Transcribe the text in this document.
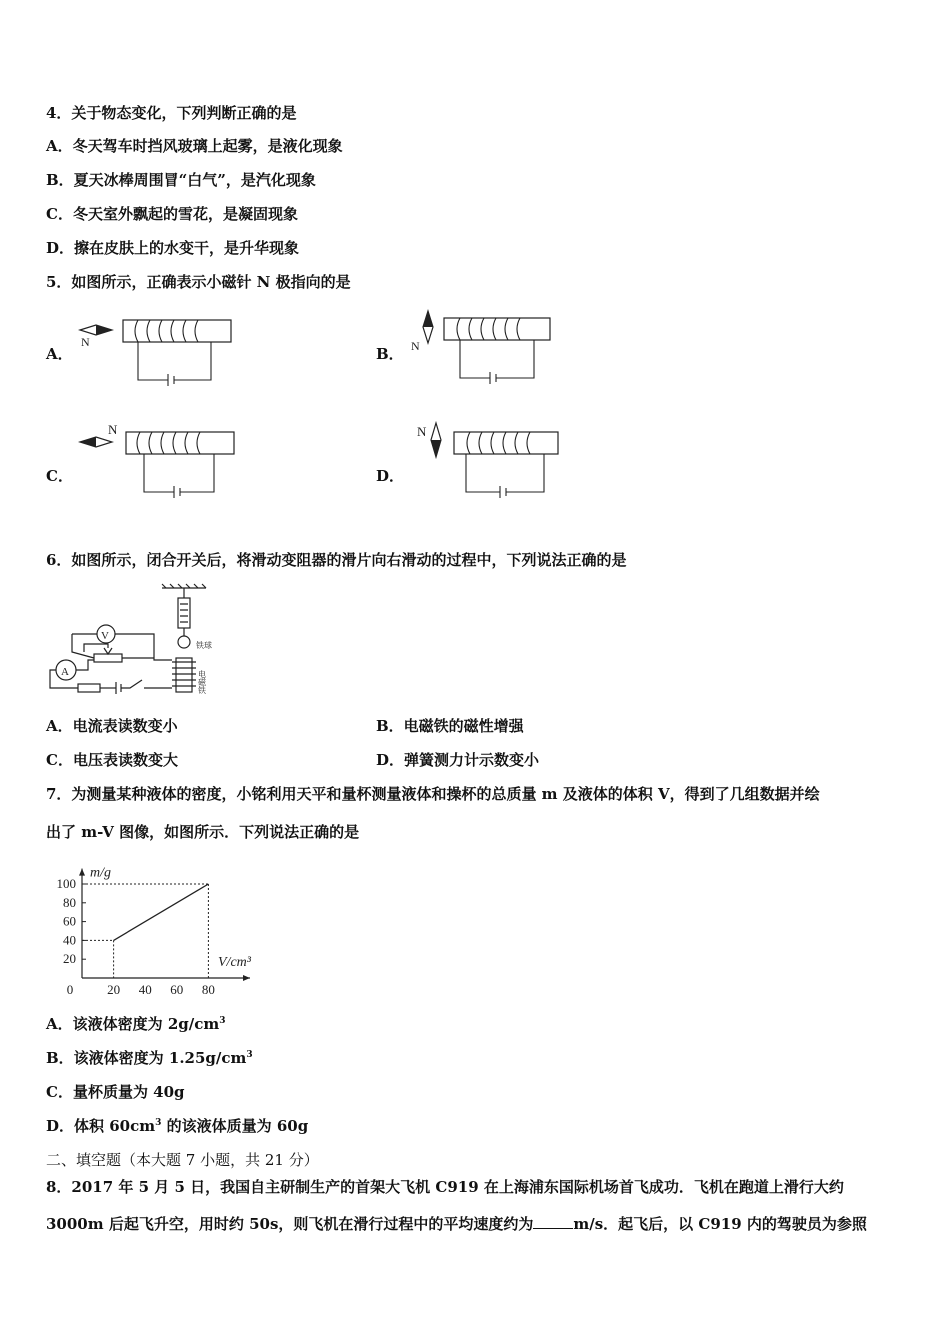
4．关于物态变化，下列判断正确的是
A．冬天驾车时挡风玻璃上起雾，是液化现象
B．夏天冰棒周围冒“白气”，是汽化现象
C．冬天室外飘起的雪花，是凝固现象
D．擦在皮肤上的水变干，是升华现象
5．如图所示，正确表示小磁针 N 极指向的是
A．	B．
C．	D．
N	N
N	N
6．如图所示，闭合开关后，将滑动变阻器的滑片向右滑动的过程中，下列说法正确的是
V
A
铁球
电磁铁
A．电流表读数变小	B．电磁铁的磁性增强
C．电压表读数变大	D．弹簧测力计示数变小
7．为测量某种液体的密度，小铭利用天平和量杯测量液体和操杯的总质量 m 及液体的体积 V，得到了几组数据并绘
出了 m-V 图像，如图所示．下列说法正确的是
20
40
60
80
100
0	20 40 60 80
m/g
V/cm³
A．该液体密度为 $2g/cm^3$
B．该液体密度为 $1.25g/cm^3$
C．量杯质量为 40g
D．体积 $60cm^3$ 的该液体质量为 60g
二、填空题（本大题 7 小题，共 21 分）
8．2017 年 5 月 5 日，我国自主研制生产的首架大飞机 C919 在上海浦东国际机场首飞成功．飞机在跑道上滑行大约
3000m 后起飞升空，用时约 50s，则飞机在滑行过程中的平均速度约为	m/s．起飞后，以 C919 内的驾驶员为参照
